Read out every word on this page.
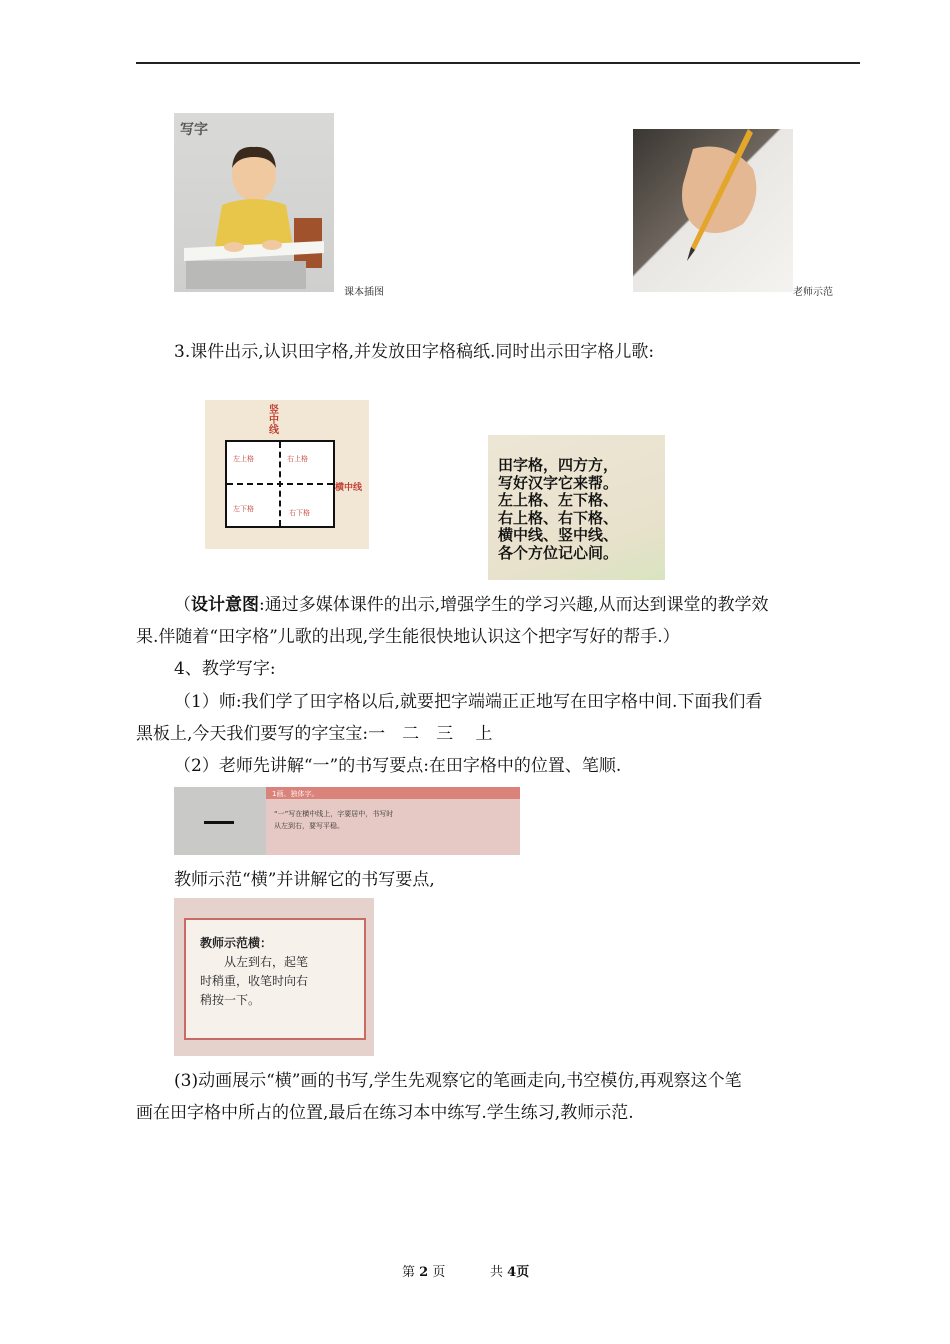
写字
课本插图	老师示范
3.课件出示,认识田字格,并发放田字格稿纸.同时出示田字格儿歌:
竖中线
左上格	右上格
左下格	右下格
横中线
田字格，四方方，
写好汉字它来帮。
左上格、左下格、
右上格、右下格、
横中线、竖中线、
各个方位记心间。
（设计意图:通过多媒体课件的出示,增强学生的学习兴趣,从而达到课堂的教学效
果.伴随着“田字格”儿歌的出现,学生能很快地认识这个把字写好的帮手.）
4、教学写字:
（1）师:我们学了田字格以后,就要把字端端正正地写在田字格中间.下面我们看
黑板上,今天我们要写的字宝宝:一　二　三　 上
（2）老师先讲解“一”的书写要点:在田字格中的位置、笔顺.
1画、独体字。
“一”写在横中线上，字要居中，书写时
从左到右，要写平稳。
教师示范“横”并讲解它的书写要点,
教师示范横：
从左到右，起笔
时稍重，收笔时向右
稍按一下。
(3)动画展示“横”画的书写,学生先观察它的笔画走向,书空模仿,再观察这个笔
画在田字格中所占的位置,最后在练习本中练写.学生练习,教师示范.
第 2 页	共 4页
